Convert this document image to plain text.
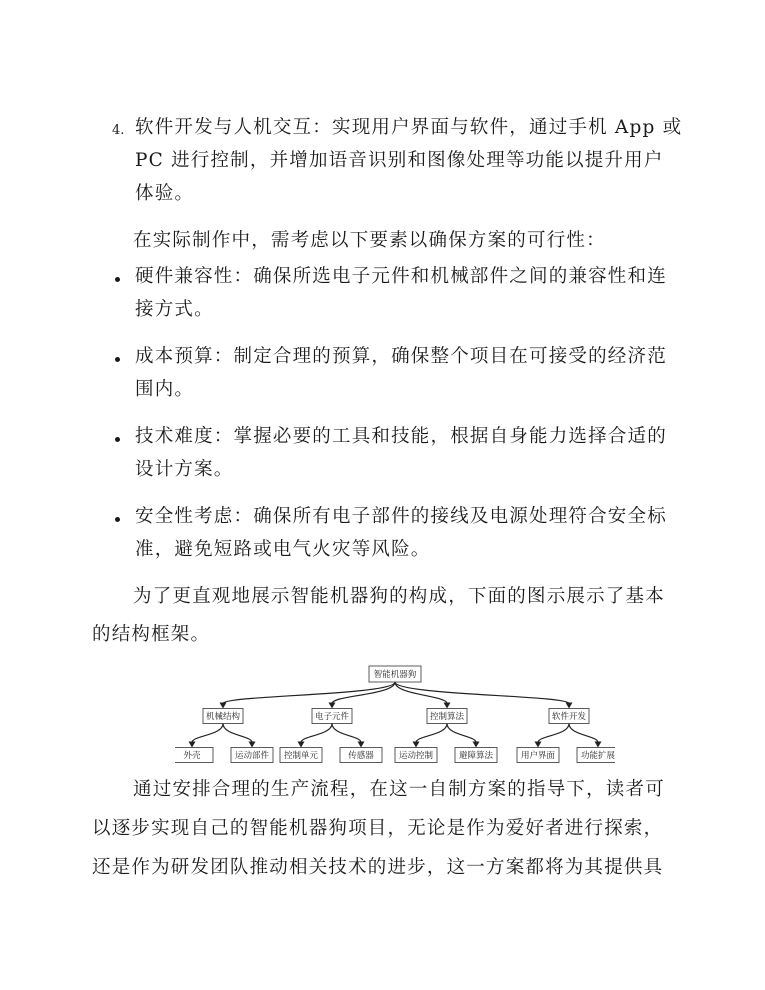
4. 软件开发与人机交互：实现用户界面与软件，通过手机 App 或
PC 进行控制，并增加语音识别和图像处理等功能以提升用户
体验。
在实际制作中，需考虑以下要素以确保方案的可行性：
硬件兼容性：确保所选电子元件和机械部件之间的兼容性和连
接方式。
成本预算：制定合理的预算，确保整个项目在可接受的经济范
围内。
技术难度：掌握必要的工具和技能，根据自身能力选择合适的
设计方案。
安全性考虑：确保所有电子部件的接线及电源处理符合安全标
准，避免短路或电气火灾等风险。
为了更直观地展示智能机器狗的构成，下面的图示展示了基本
的结构框架。
智能机器狗
机械结构
外壳	运动部件
电子元件
控制单元	传感器
控制算法
运动控制	避障算法
软件开发
用户界面	功能扩展
通过安排合理的生产流程，在这一自制方案的指导下，读者可
以逐步实现自己的智能机器狗项目，无论是作为爱好者进行探索，
还是作为研发团队推动相关技术的进步，这一方案都将为其提供具
